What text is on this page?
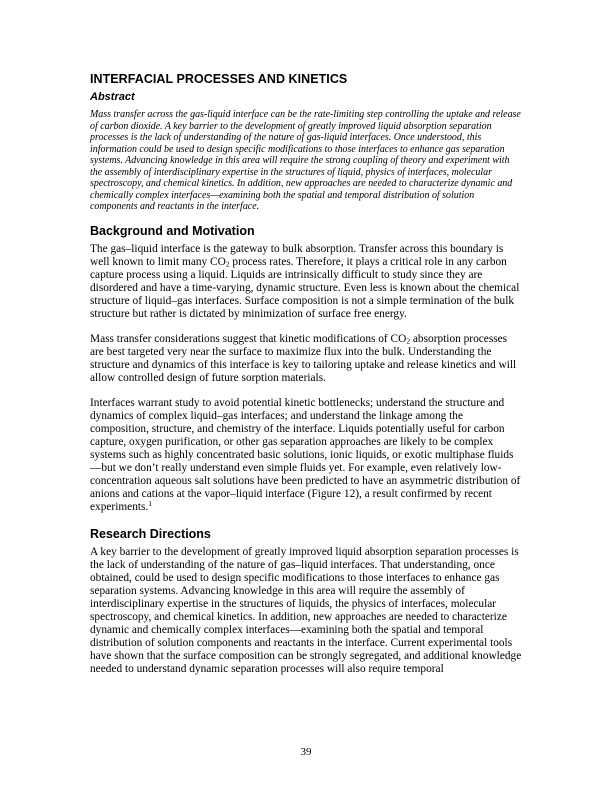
INTERFACIAL PROCESSES AND KINETICS
Abstract

Mass transfer across the gas-liquid interface can be the rate-limiting step controlling the uptake and release of carbon dioxide. A key barrier to the development of greatly improved liquid absorption separation processes is the lack of understanding of the nature of gas-liquid interfaces. Once understood, this information could be used to design specific modifications to those interfaces to enhance gas separation systems. Advancing knowledge in this area will require the strong coupling of theory and experiment with the assembly of interdisciplinary expertise in the structures of liquid, physics of interfaces, molecular spectroscopy, and chemical kinetics. In addition, new approaches are needed to characterize dynamic and chemically complex interfaces—examining both the spatial and temporal distribution of solution components and reactants in the interface.

Background and Motivation

The gas–liquid interface is the gateway to bulk absorption. Transfer across this boundary is well known to limit many $CO_2$ process rates. Therefore, it plays a critical role in any carbon capture process using a liquid. Liquids are intrinsically difficult to study since they are disordered and have a time-varying, dynamic structure. Even less is known about the chemical structure of liquid–gas interfaces. Surface composition is not a simple termination of the bulk structure but rather is dictated by minimization of surface free energy.

Mass transfer considerations suggest that kinetic modifications of $CO_2$ absorption processes are best targeted very near the surface to maximize flux into the bulk. Understanding the structure and dynamics of this interface is key to tailoring uptake and release kinetics and will allow controlled design of future sorption materials.

Interfaces warrant study to avoid potential kinetic bottlenecks; understand the structure and dynamics of complex liquid–gas interfaces; and understand the linkage among the composition, structure, and chemistry of the interface. Liquids potentially useful for carbon capture, oxygen purification, or other gas separation approaches are likely to be complex systems such as highly concentrated basic solutions, ionic liquids, or exotic multiphase fluids—but we don’t really understand even simple fluids yet. For example, even relatively low-concentration aqueous salt solutions have been predicted to have an asymmetric distribution of anions and cations at the vapor–liquid interface (Figure 12), a result confirmed by recent experiments.$^1$

Research Directions

A key barrier to the development of greatly improved liquid absorption separation processes is the lack of understanding of the nature of gas–liquid interfaces. That understanding, once obtained, could be used to design specific modifications to those interfaces to enhance gas separation systems. Advancing knowledge in this area will require the assembly of interdisciplinary expertise in the structures of liquids, the physics of interfaces, molecular spectroscopy, and chemical kinetics. In addition, new approaches are needed to characterize dynamic and chemically complex interfaces—examining both the spatial and temporal distribution of solution components and reactants in the interface. Current experimental tools have shown that the surface composition can be strongly segregated, and additional knowledge needed to understand dynamic separation processes will also require temporal

39
